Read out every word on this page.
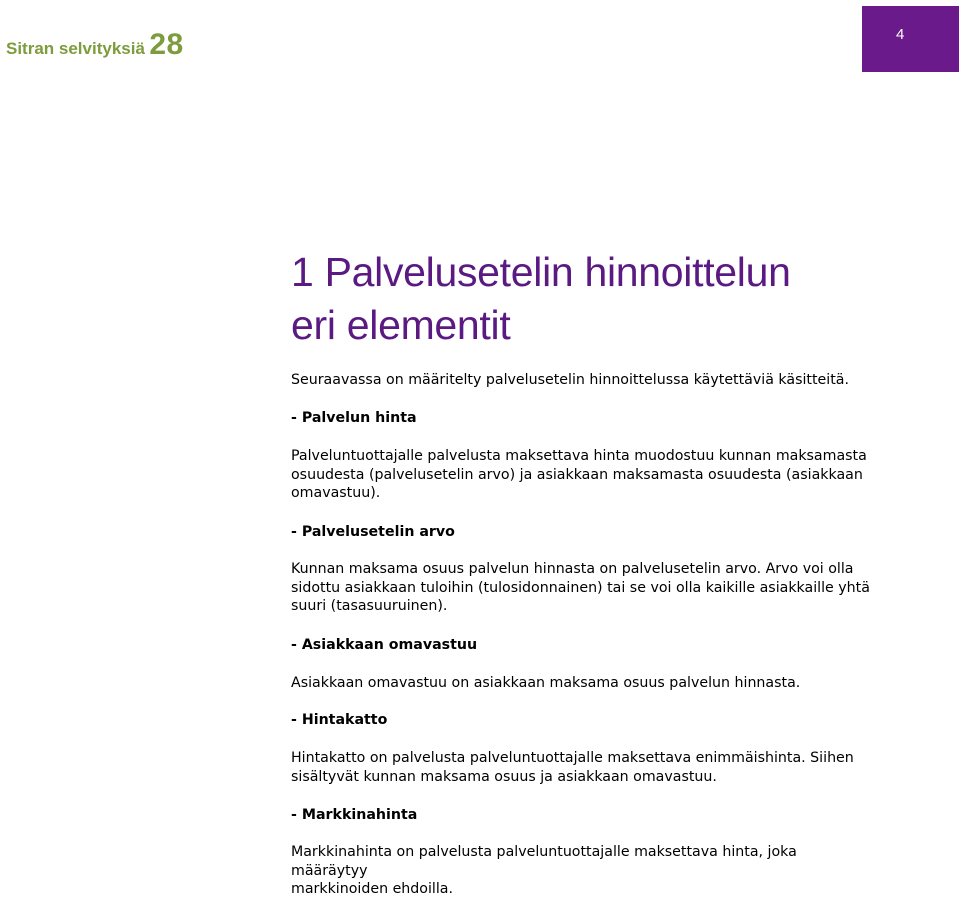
Sitran selvityksiä 28	4
1 Palvelusetelin hinnoittelun
eri elementit

Seuraavassa on määritelty palvelusetelin hinnoittelussa käytettäviä käsitteitä.

- Palvelun hinta

Palveluntuottajalle palvelusta maksettava hinta muodostuu kunnan maksamasta

osuudesta (palvelusetelin arvo) ja asiakkaan maksamasta osuudesta (asiakkaan

omavastuu).

- Palvelusetelin arvo

Kunnan maksama osuus palvelun hinnasta on palvelusetelin arvo. Arvo voi olla

sidottu asiakkaan tuloihin (tulosidonnainen) tai se voi olla kaikille asiakkaille yhtä

suuri (tasasuuruinen).

- Asiakkaan omavastuu

Asiakkaan omavastuu on asiakkaan maksama osuus palvelun hinnasta.

- Hintakatto

Hintakatto on palvelusta palveluntuottajalle maksettava enimmäishinta. Siihen

sisältyvät kunnan maksama osuus ja asiakkaan omavastuu.

- Markkinahinta

Markkinahinta on palvelusta palveluntuottajalle maksettava hinta, joka määräytyy

markkinoiden ehdoilla.
